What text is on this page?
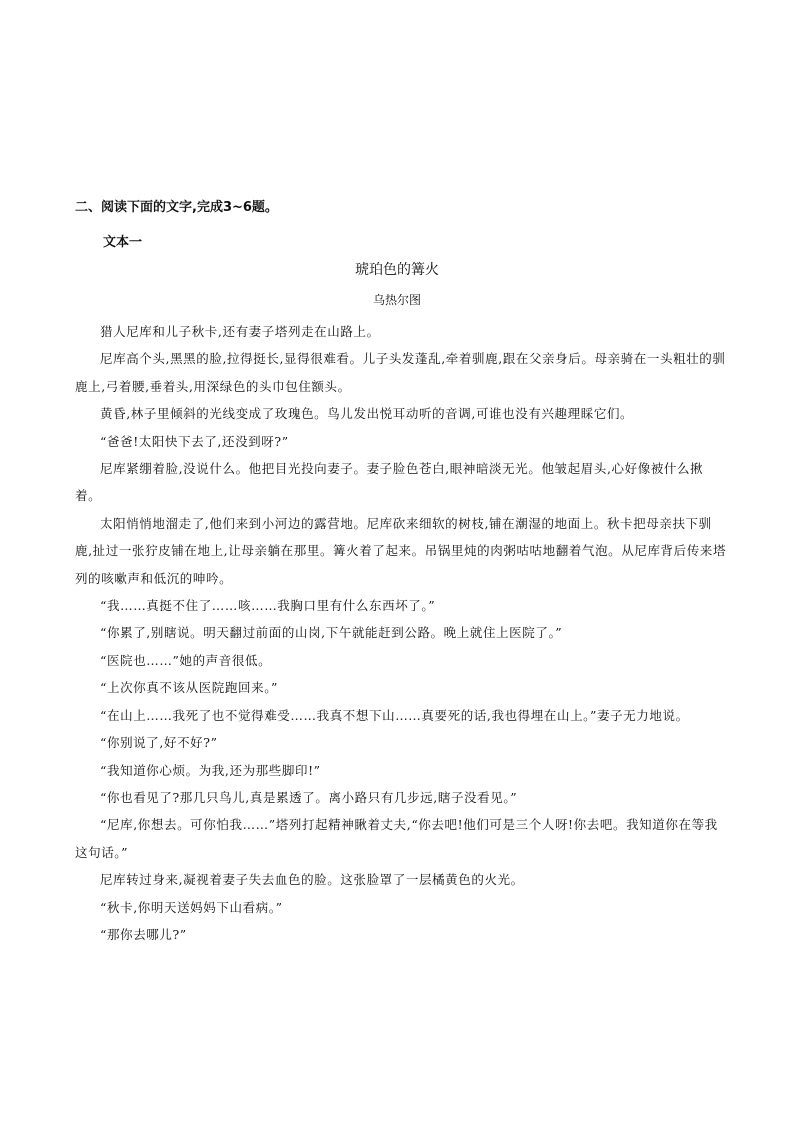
二、阅读下面的文字,完成3~6题。

文本一

琥珀色的篝火

乌热尔图

猎人尼库和儿子秋卡,还有妻子塔列走在山路上。

尼库高个头,黑黑的脸,拉得挺长,显得很难看。儿子头发蓬乱,牵着驯鹿,跟在父亲身后。母亲骑在一头粗壮的驯鹿上,弓着腰,垂着头,用深绿色的头巾包住额头。

黄昏,林子里倾斜的光线变成了玫瑰色。鸟儿发出悦耳动听的音调,可谁也没有兴趣理睬它们。

“爸爸!太阳快下去了,还没到呀?”

尼库紧绷着脸,没说什么。他把目光投向妻子。妻子脸色苍白,眼神暗淡无光。他皱起眉头,心好像被什么揪着。

太阳悄悄地溜走了,他们来到小河边的露营地。尼库砍来细软的树枝,铺在潮湿的地面上。秋卡把母亲扶下驯鹿,扯过一张狞皮铺在地上,让母亲躺在那里。篝火着了起来。吊锅里炖的肉粥咕咕地翻着气泡。从尼库背后传来塔列的咳嗽声和低沉的呻吟。

“我……真挺不住了……咳……我胸口里有什么东西坏了。”

“你累了,别瞎说。明天翻过前面的山岗,下午就能赶到公路。晚上就住上医院了。”

“医院也……”她的声音很低。

“上次你真不该从医院跑回来。”

“在山上……我死了也不觉得难受……我真不想下山……真要死的话,我也得埋在山上。”妻子无力地说。

“你别说了,好不好?”

“我知道你心烦。为我,还为那些脚印!”

“你也看见了?那几只鸟儿,真是累透了。离小路只有几步远,瞎子没看见。”

“尼库,你想去。可你怕我……”塔列打起精神瞅着丈夫,“你去吧!他们可是三个人呀!你去吧。我知道你在等我这句话。”

尼库转过身来,凝视着妻子失去血色的脸。这张脸罩了一层橘黄色的火光。

“秋卡,你明天送妈妈下山看病。”

“那你去哪儿?”
